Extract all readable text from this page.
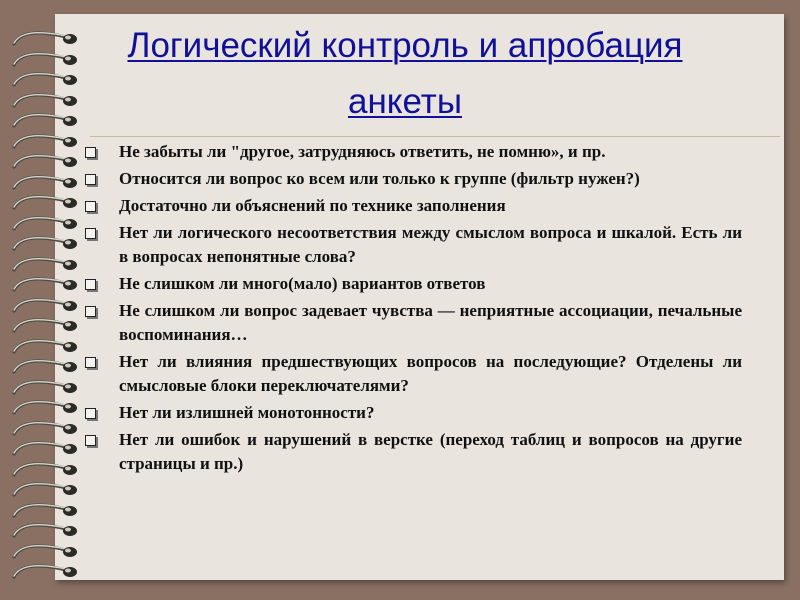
Логический контроль и апробация
анкеты
Не забыты ли "другое, затрудняюсь ответить, не помню», и пр.
Относится ли вопрос ко всем или только к группе (фильтр нужен?)
Достаточно ли объяснений по технике заполнения
Нет ли логического несоответствия между смыслом вопроса и шкалой. Есть ли в вопросах непонятные слова?
Не слишком ли много(мало) вариантов ответов
Не слишком ли вопрос задевает чувства — неприятные ассоциации, печальные воспоминания…
Нет ли влияния предшествующих вопросов на последующие? Отделены ли смысловые блоки переключателями?
Нет ли излишней монотонности?
Нет ли ошибок и нарушений в верстке (переход таблиц и вопросов на другие страницы и пр.)
